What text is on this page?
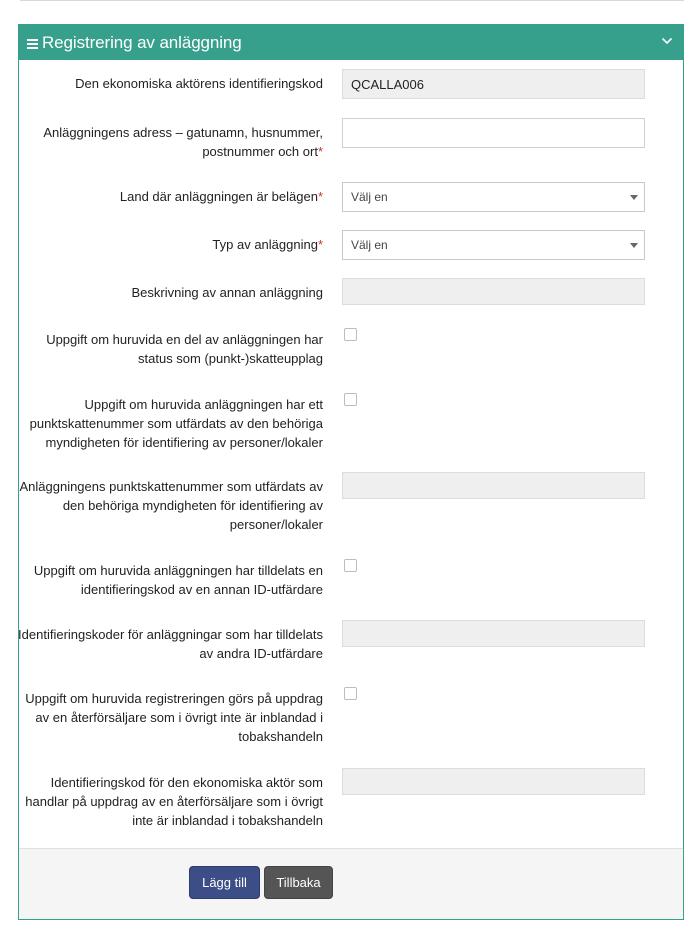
Registrering av anläggning
Den ekonomiska aktörens identifieringskod QCALLA006
Anläggningens adress – gatunamn, husnummer,
postnummer och ort*
Land där anläggningen är belägen* Välj en
Typ av anläggning* Välj en
Beskrivning av annan anläggning
Uppgift om huruvida en del av anläggningen har
status som (punkt-)skatteupplag
Uppgift om huruvida anläggningen har ett
punktskattenummer som utfärdats av den behöriga
myndigheten för identifiering av personer/lokaler
Anläggningens punktskattenummer som utfärdats av
den behöriga myndigheten för identifiering av
personer/lokaler
Uppgift om huruvida anläggningen har tilldelats en
identifieringskod av en annan ID-utfärdare
Identifieringskoder för anläggningar som har tilldelats
av andra ID-utfärdare
Uppgift om huruvida registreringen görs på uppdrag
av en återförsäljare som i övrigt inte är inblandad i
tobakshandeln
Identifieringskod för den ekonomiska aktör som
handlar på uppdrag av en återförsäljare som i övrigt
inte är inblandad i tobakshandeln
Lägg till	Tillbaka
